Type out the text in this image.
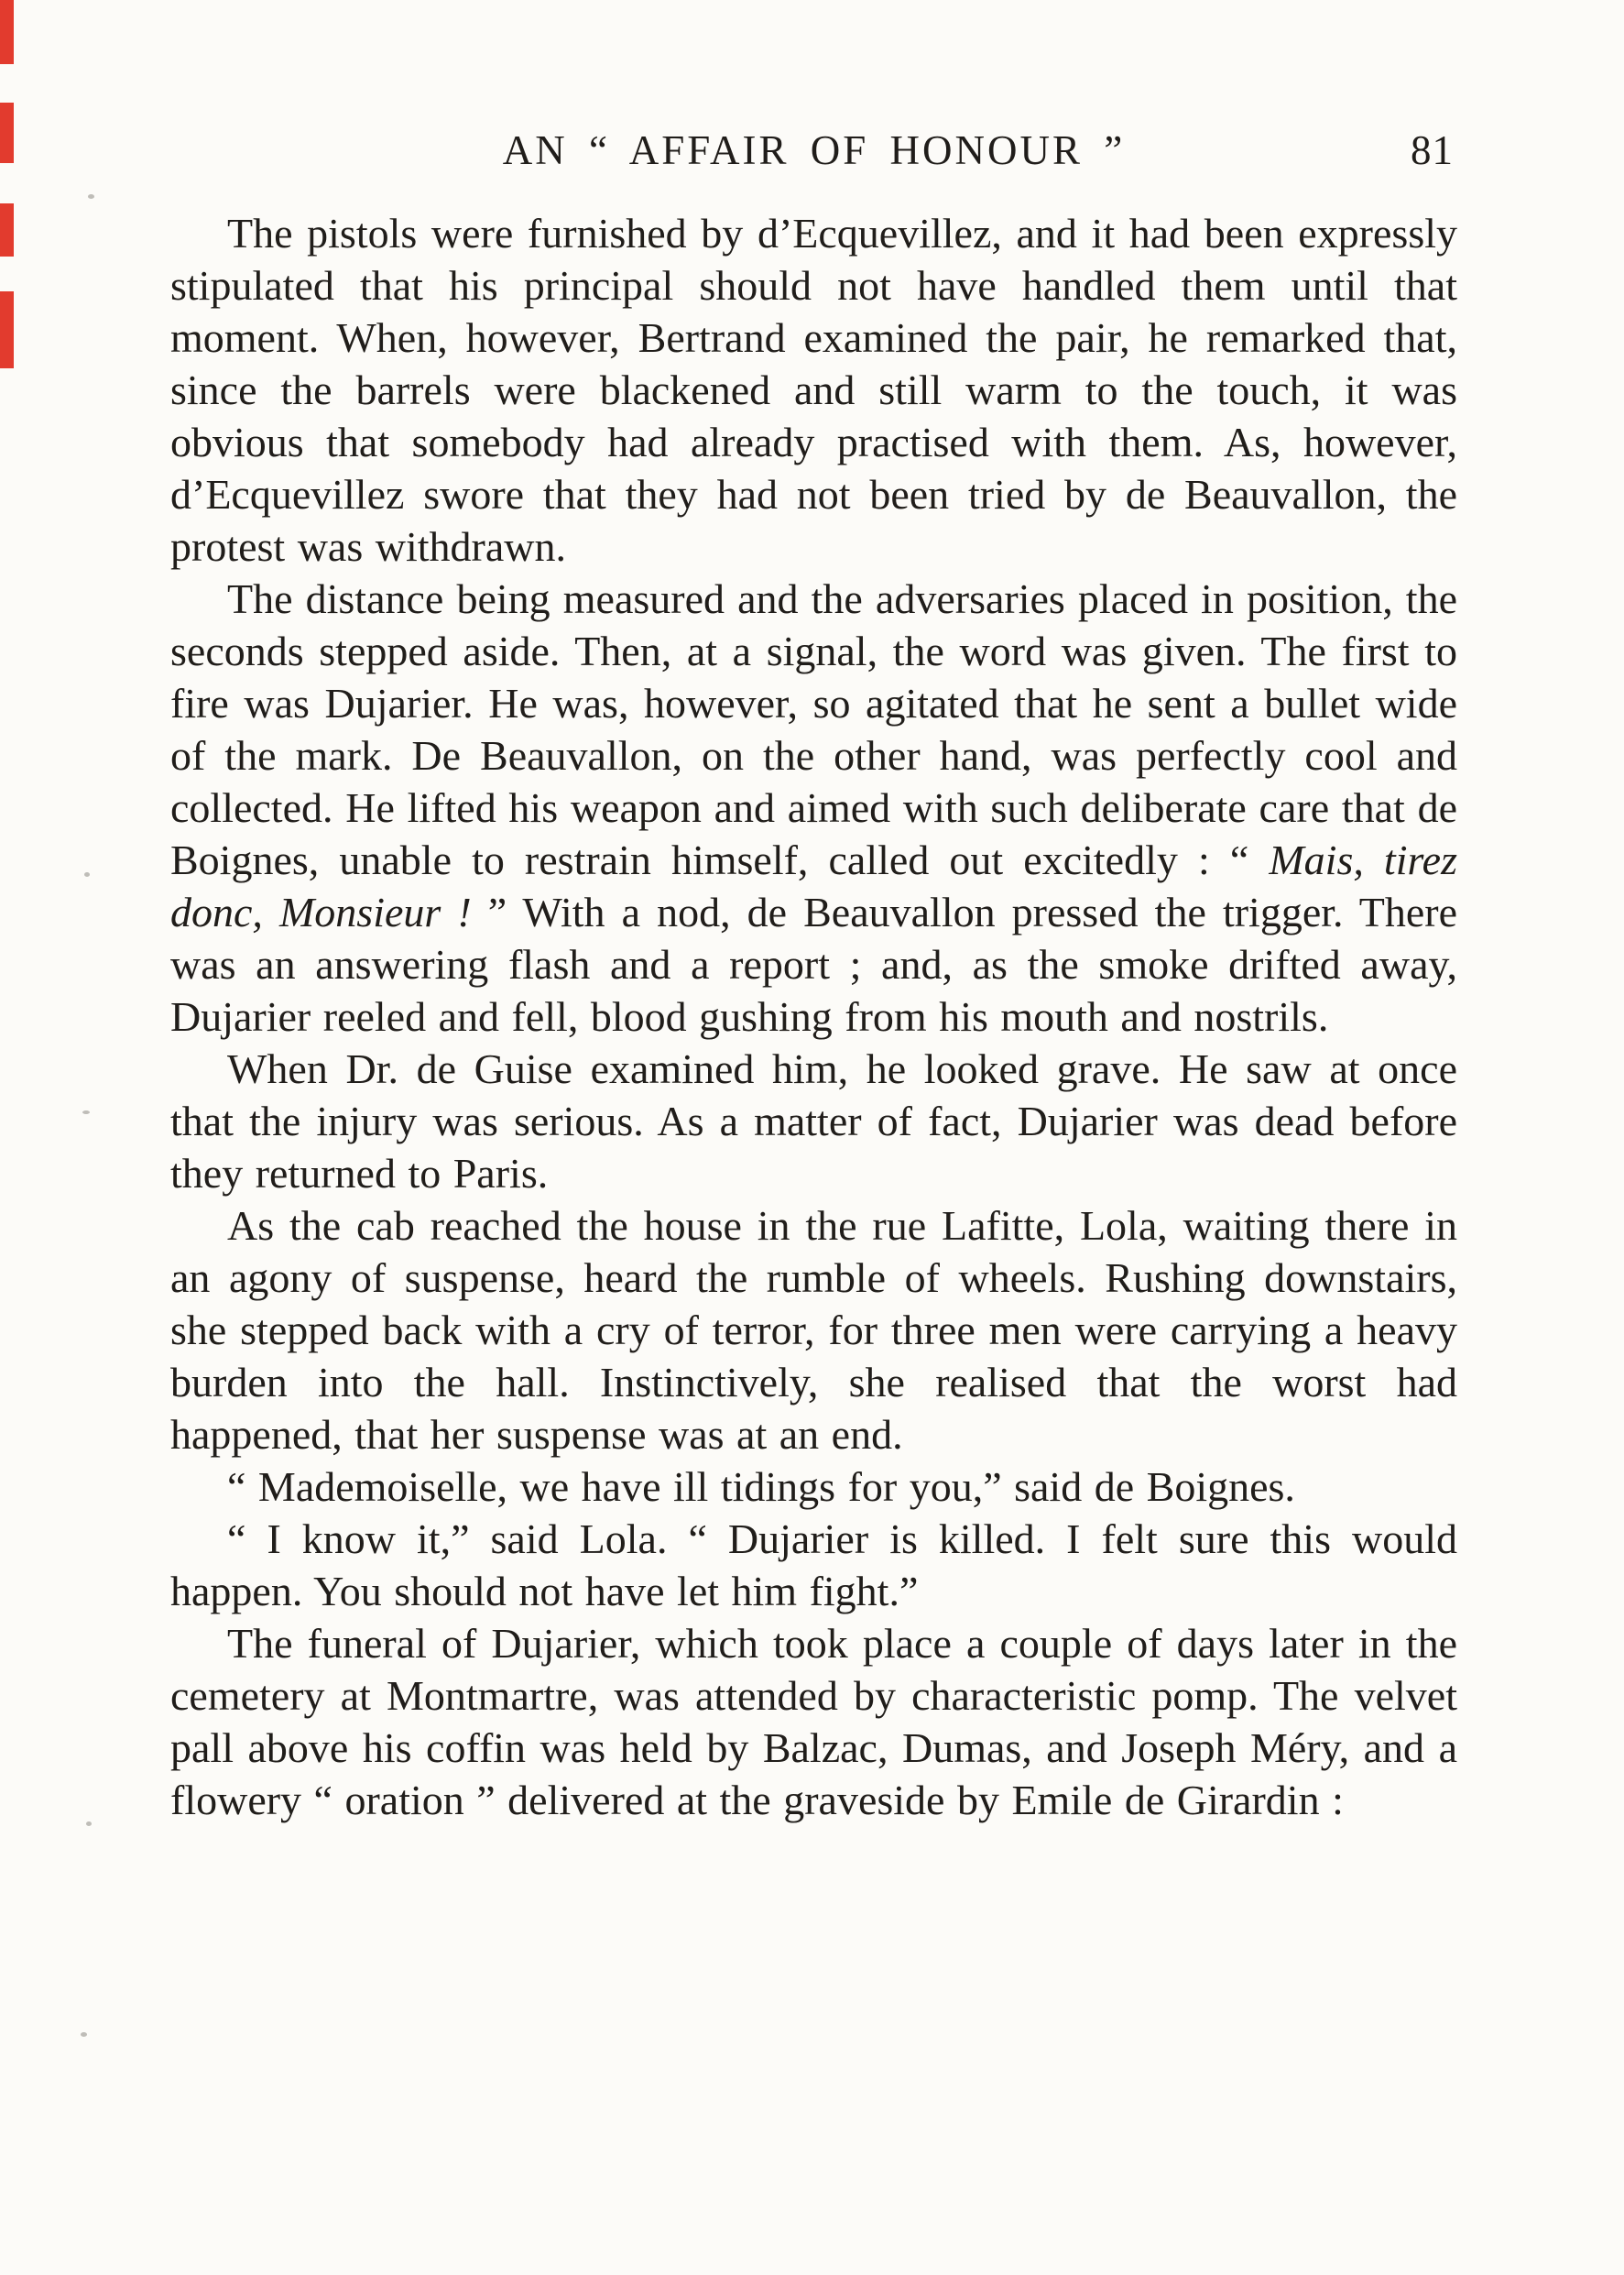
AN “ AFFAIR OF HONOUR ”	81

The pistols were furnished by d’Ecquevillez, and it had been expressly stipulated that his principal should not have handled them until that moment. When, however, Bertrand examined the pair, he remarked that, since the barrels were blackened and still warm to the touch, it was obvious that somebody had already practised with them. As, however, d’Ecquevillez swore that they had not been tried by de Beauvallon, the protest was withdrawn.

The distance being measured and the adversaries placed in position, the seconds stepped aside. Then, at a signal, the word was given. The first to fire was Dujarier. He was, however, so agitated that he sent a bullet wide of the mark. De Beauvallon, on the other hand, was perfectly cool and collected. He lifted his weapon and aimed with such deliberate care that de Boignes, unable to restrain himself, called out excitedly : “ Mais, tirez donc, Monsieur ! ” With a nod, de Beauvallon pressed the trigger. There was an answering flash and a report ; and, as the smoke drifted away, Dujarier reeled and fell, blood gushing from his mouth and nostrils.

When Dr. de Guise examined him, he looked grave. He saw at once that the injury was serious. As a matter of fact, Dujarier was dead before they returned to Paris.

As the cab reached the house in the rue Lafitte, Lola, waiting there in an agony of suspense, heard the rumble of wheels. Rushing downstairs, she stepped back with a cry of terror, for three men were carrying a heavy burden into the hall. Instinctively, she realised that the worst had happened, that her suspense was at an end.

“ Mademoiselle, we have ill tidings for you,” said de Boignes.

“ I know it,” said Lola. “ Dujarier is killed. I felt sure this would happen. You should not have let him fight.”

The funeral of Dujarier, which took place a couple of days later in the cemetery at Montmartre, was attended by characteristic pomp. The velvet pall above his coffin was held by Balzac, Dumas, and Joseph Méry, and a flowery “ oration ” delivered at the graveside by Emile de Girardin :
